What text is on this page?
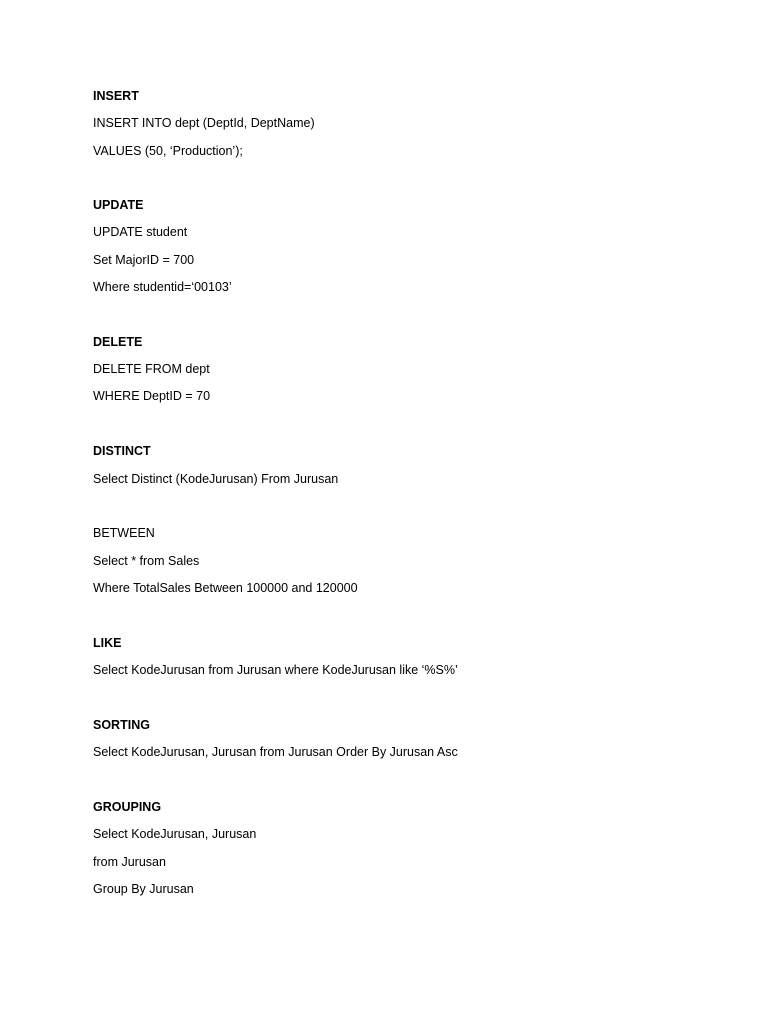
INSERT
INSERT INTO dept (DeptId, DeptName)
VALUES (50, ‘Production’);
UPDATE
UPDATE student
Set MajorID = 700
Where studentid=‘00103’
DELETE
DELETE FROM dept
WHERE DeptID = 70
DISTINCT
Select Distinct (KodeJurusan) From Jurusan
BETWEEN
Select * from Sales
Where TotalSales Between 100000 and 120000
LIKE
Select KodeJurusan from Jurusan where KodeJurusan like ‘%S%’
SORTING
Select KodeJurusan, Jurusan from Jurusan Order By Jurusan Asc
GROUPING
Select KodeJurusan, Jurusan
from Jurusan
Group By Jurusan
